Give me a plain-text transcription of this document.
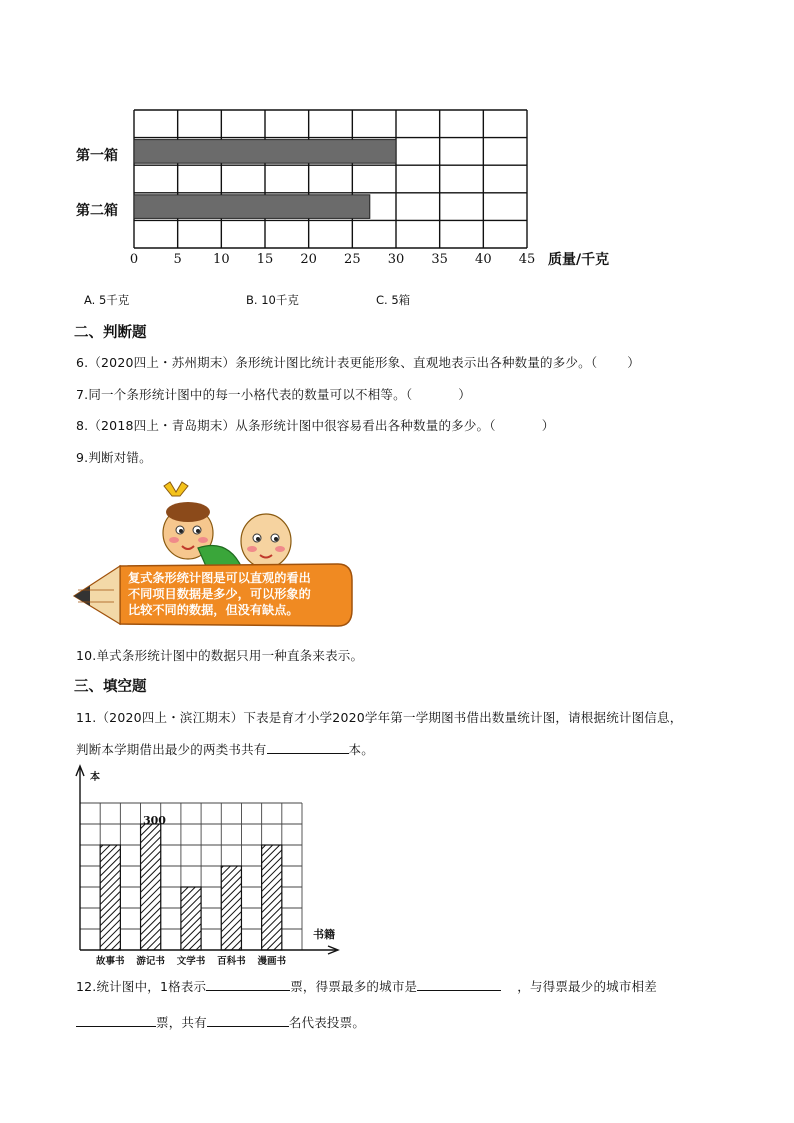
第一箱
第二箱
0	5 10 15 20 25 30 35 40 45 质量/千克
A. 5千克	B. 10千克	C. 5箱
二、判断题
6.（2020四上・苏州期末）条形统计图比统计表更能形象、直观地表示出各种数量的多少。（ ）
7.同一个条形统计图中的每一小格代表的数量可以不相等。（	）
8.（2018四上・青岛期末）从条形统计图中很容易看出各种数量的多少。（	）
9.判断对错。
复式条形统计图是可以直观的看出
不同项目数据是多少，可以形象的
比较不同的数据，但没有缺点。
10.单式条形统计图中的数据只用一种直条来表示。
三、填空题
11.（2020四上・滨江期末）下表是育才小学2020学年第一学期图书借出数量统计图，请根据统计图信息，
判断本学期借出最少的两类书共有	本。
本
书籍
300
故事书	游记书	文学书	百科书	漫画书
12.统计图中，1格表示	票，得票最多的城市是	，与得票最少的城市相差
票，共有	名代表投票。
